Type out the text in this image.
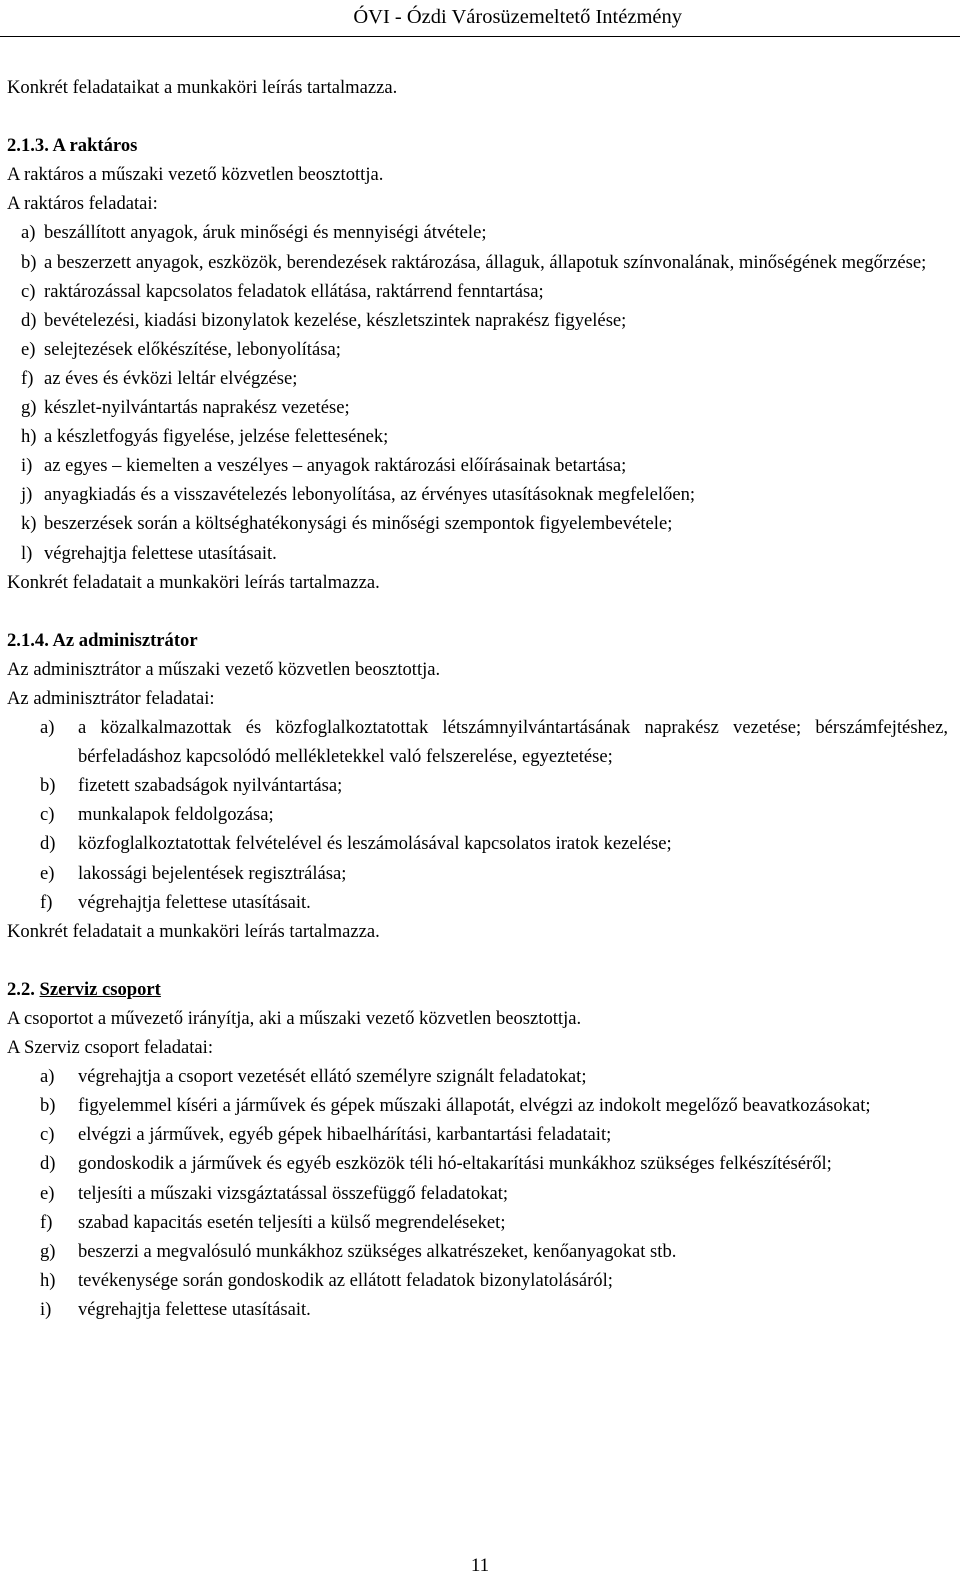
ÓVI - Ózdi Városüzemeltető Intézmény
Konkrét feladataikat a munkaköri leírás tartalmazza.
2.1.3. A raktáros
A raktáros a műszaki vezető közvetlen beosztottja.
A raktáros feladatai:
a) beszállított anyagok, áruk minőségi és mennyiségi átvétele;
b) a beszerzett anyagok, eszközök, berendezések raktározása, állaguk, állapotuk színvonalának, minőségének megőrzése;
c) raktározással kapcsolatos feladatok ellátása, raktárrend fenntartása;
d) bevételezési, kiadási bizonylatok kezelése, készletszintek naprakész figyelése;
e) selejtezések előkészítése, lebonyolítása;
f) az éves és évközi leltár elvégzése;
g) készlet-nyilvántartás naprakész vezetése;
h) a készletfogyás figyelése, jelzése felettesének;
i) az egyes – kiemelten a veszélyes – anyagok raktározási előírásainak betartása;
j) anyagkiadás és a visszavételezés lebonyolítása, az érvényes utasításoknak megfelelően;
k) beszerzések során a költséghatékonysági és minőségi szempontok figyelembevétele;
l) végrehajtja felettese utasításait.
Konkrét feladatait a munkaköri leírás tartalmazza.
2.1.4. Az adminisztrátor
Az adminisztrátor a műszaki vezető közvetlen beosztottja.
Az adminisztrátor feladatai:
a)	a közalkalmazottak és közfoglalkoztatottak létszámnyilvántartásának naprakész vezetése; bérszámfejtéshez, bérfeladáshoz kapcsolódó mellékletekkel való felszerelése, egyeztetése;
b)	fizetett szabadságok nyilvántartása;
c)	munkalapok feldolgozása;
d)	közfoglalkoztatottak felvételével és leszámolásával kapcsolatos iratok kezelése;
e)	lakossági bejelentések regisztrálása;
f)	végrehajtja felettese utasításait.
Konkrét feladatait a munkaköri leírás tartalmazza.
2.2. Szerviz csoport
A csoportot a művezető irányítja, aki a műszaki vezető közvetlen beosztottja.
A Szerviz csoport feladatai:
a)	végrehajtja a csoport vezetését ellátó személyre szignált feladatokat;
b)	figyelemmel kíséri a járművek és gépek műszaki állapotát, elvégzi az indokolt megelőző beavatkozásokat;
c)	elvégzi a járművek, egyéb gépek hibaelhárítási, karbantartási feladatait;
d)	gondoskodik a járművek és egyéb eszközök téli hó-eltakarítási munkákhoz szükséges felkészítéséről;
e)	teljesíti a műszaki vizsgáztatással összefüggő feladatokat;
f)	szabad kapacitás esetén teljesíti a külső megrendeléseket;
g)	beszerzi a megvalósuló munkákhoz szükséges alkatrészeket, kenőanyagokat stb.
h)	tevékenysége során gondoskodik az ellátott feladatok bizonylatolásáról;
i)	végrehajtja felettese utasításait.
11
